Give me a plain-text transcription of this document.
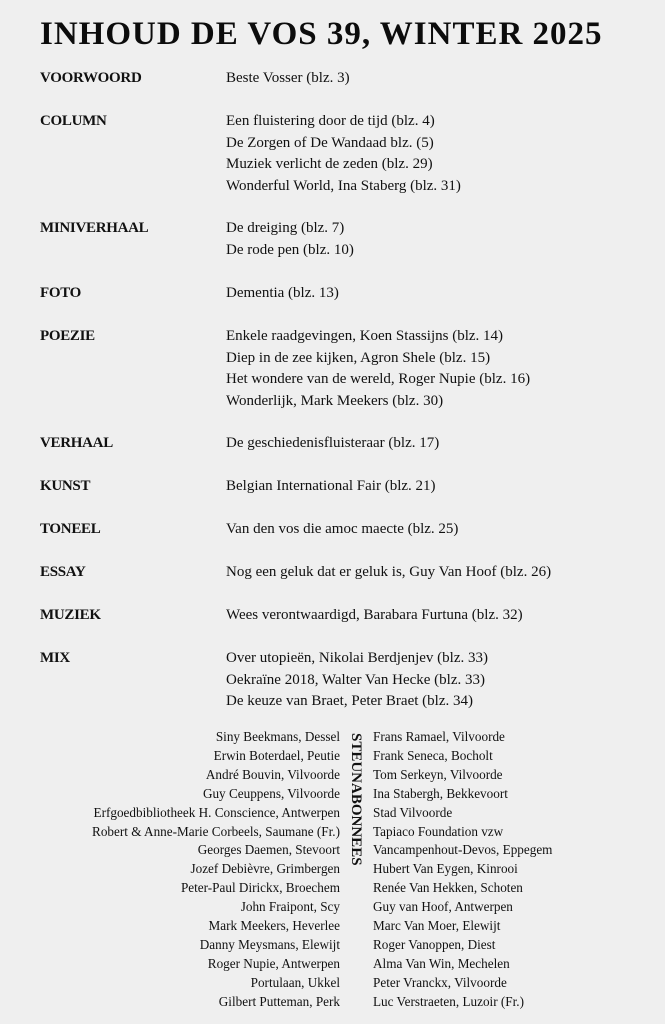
INHOUD DE VOS 39, WINTER 2025
VOORWOORD	Beste Vosser (blz. 3)
COLUMN	Een fluistering door de tijd (blz. 4)
De Zorgen of De Wandaad blz. (5)
Muziek verlicht de zeden (blz. 29)
Wonderful World, Ina Staberg (blz. 31)
MINIVERHAAL	De dreiging (blz. 7)
De rode pen (blz. 10)
FOTO	Dementia (blz. 13)
POEZIE	Enkele raadgevingen, Koen Stassijns (blz. 14)
Diep in de zee kijken, Agron Shele (blz. 15)
Het wondere van de wereld, Roger Nupie (blz. 16)
Wonderlijk, Mark Meekers (blz. 30)
VERHAAL	De geschiedenisfluisteraar (blz. 17)
KUNST	Belgian International Fair (blz. 21)
TONEEL	Van den vos die amoc maecte (blz. 25)
ESSAY	Nog een geluk dat er geluk is, Guy Van Hoof (blz. 26)
MUZIEK	Wees verontwaardigd, Barabara Furtuna (blz. 32)
MIX	Over utopieën, Nikolai Berdjenjev (blz. 33)
Oekraïne 2018, Walter Van Hecke (blz. 33)
De keuze van Braet, Peter Braet (blz. 34)
Siny Beekmans, Dessel
Erwin Boterdael, Peutie
André Bouvin, Vilvoorde
Guy Ceuppens, Vilvoorde
Erfgoedbibliotheek H. Conscience, Antwerpen
Robert & Anne-Marie Corbeels, Saumane (Fr.)
Georges Daemen, Stevoort
Jozef Debièvre, Grimbergen
Peter-Paul Dirickx, Broechem
John Fraipont, Scy
Mark Meekers, Heverlee
Danny Meysmans, Elewijt
Roger Nupie, Antwerpen
Portulaan, Ukkel
Gilbert Putteman, Perk
STEUNABONNEES Frans Ramael, Vilvoorde
Frank Seneca, Bocholt
Tom Serkeyn, Vilvoorde
Ina Stabergh, Bekkevoort
Stad Vilvoorde
Tapiaco Foundation vzw
Vancampenhout-Devos, Eppegem
Hubert Van Eygen, Kinrooi
Renée Van Hekken, Schoten
Guy van Hoof, Antwerpen
Marc Van Moer, Elewijt
Roger Vanoppen, Diest
Alma Van Win, Mechelen
Peter Vranckx, Vilvoorde
Luc Verstraeten, Luzoir (Fr.)
